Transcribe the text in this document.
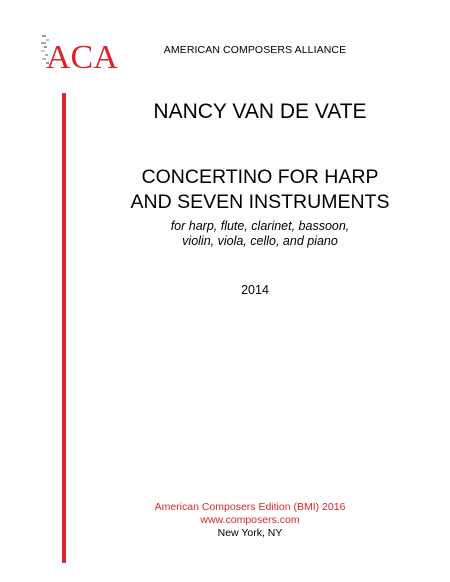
ACA	AMERICAN COMPOSERS ALLIANCE
NANCY VAN DE VATE
CONCERTINO FOR HARP
AND SEVEN INSTRUMENTS
for harp, flute, clarinet, bassoon,
violin, viola, cello, and piano
2014
American Composers Edition (BMI) 2016
www.composers.com
New York, NY
